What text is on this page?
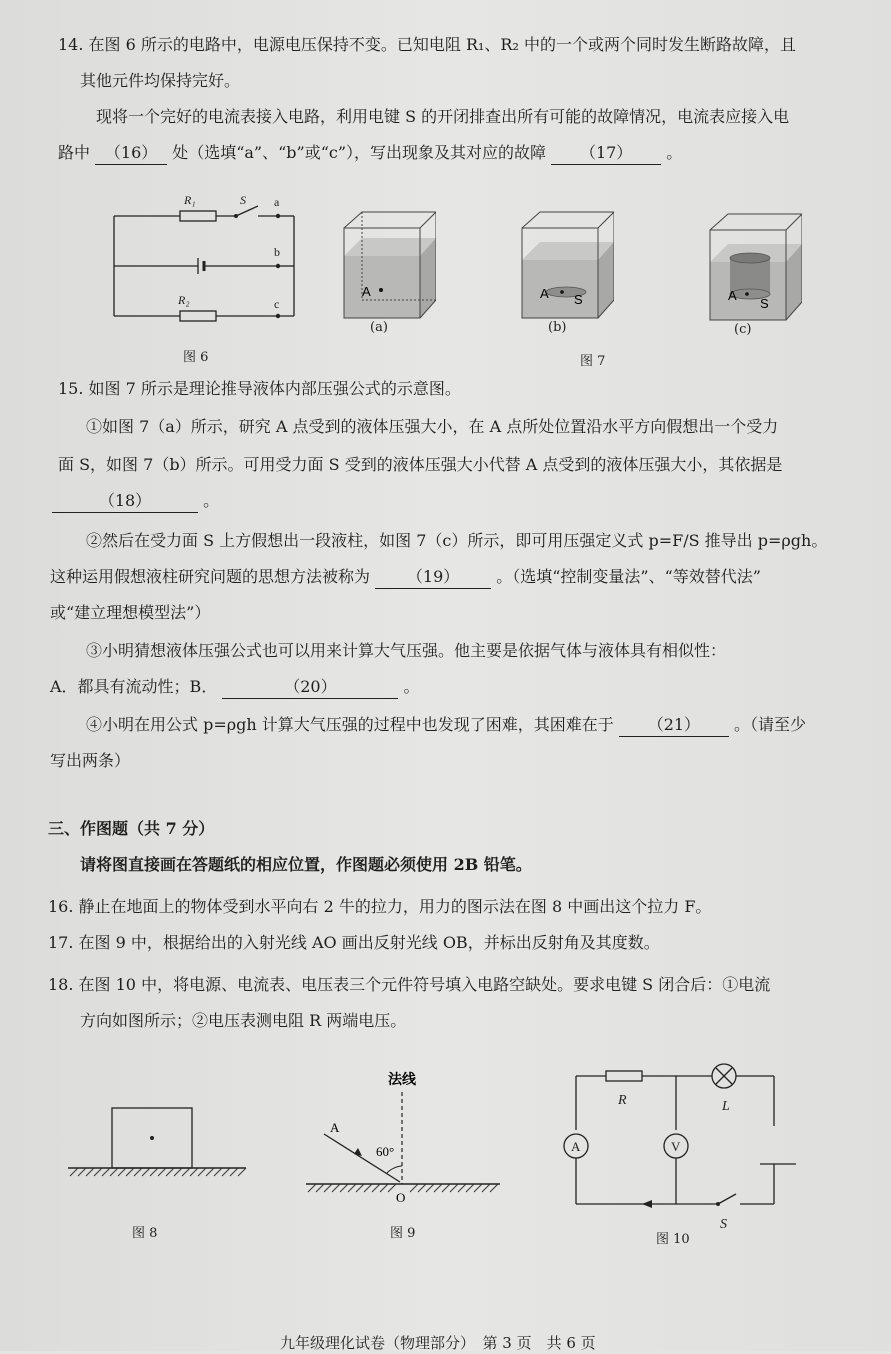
14. 在图 6 所示的电路中，电源电压保持不变。已知电阻 R₁、R₂ 中的一个或两个同时发生断路故障，且
其他元件均保持完好。
现将一个完好的电流表接入电路，利用电键 S 的开闭排查出所有可能的故障情况，电流表应接入电
路中 （16） 处（选填“a”、“b”或“c”），写出现象及其对应的故障 （17） 。
R₁	S a
b
c
R₂
图 6
A
(a)
A S
(b)
图 7
A
S
(c)
15. 如图 7 所示是理论推导液体内部压强公式的示意图。
①如图 7（a）所示，研究 A 点受到的液体压强大小，在 A 点所处位置沿水平方向假想出一个受力
面 S，如图 7（b）所示。可用受力面 S 受到的液体压强大小代替 A 点受到的液体压强大小，其依据是
（18）	。
②然后在受力面 S 上方假想出一段液柱，如图 7（c）所示，即可用压强定义式 p=F/S 推导出 p=ρgh。
这种运用假想液柱研究问题的思想方法被称为 （19） 。（选填“控制变量法”、“等效替代法”
或“建立理想模型法”）
③小明猜想液体压强公式也可以用来计算大气压强。他主要是依据气体与液体具有相似性：
A．都具有流动性；B．	（20）	。
④小明在用公式 p=ρgh 计算大气压强的过程中也发现了困难，其困难在于 （21） 。（请至少
写出两条）
三、作图题（共 7 分）
请将图直接画在答题纸的相应位置，作图题必须使用 2B 铅笔。
16. 静止在地面上的物体受到水平向右 2 牛的拉力，用力的图示法在图 8 中画出这个拉力 F。
17. 在图 9 中，根据给出的入射光线 AO 画出反射光线 OB，并标出反射角及其度数。
18. 在图 10 中，将电源、电流表、电压表三个元件符号填入电路空缺处。要求电键 S 闭合后：①电流
方向如图所示；②电压表测电阻 R 两端电压。
图 8
法线
A
60°
O
图 9
R	L
A	V
S
图 10
九年级理化试卷（物理部分）　第 3 页　共 6 页
